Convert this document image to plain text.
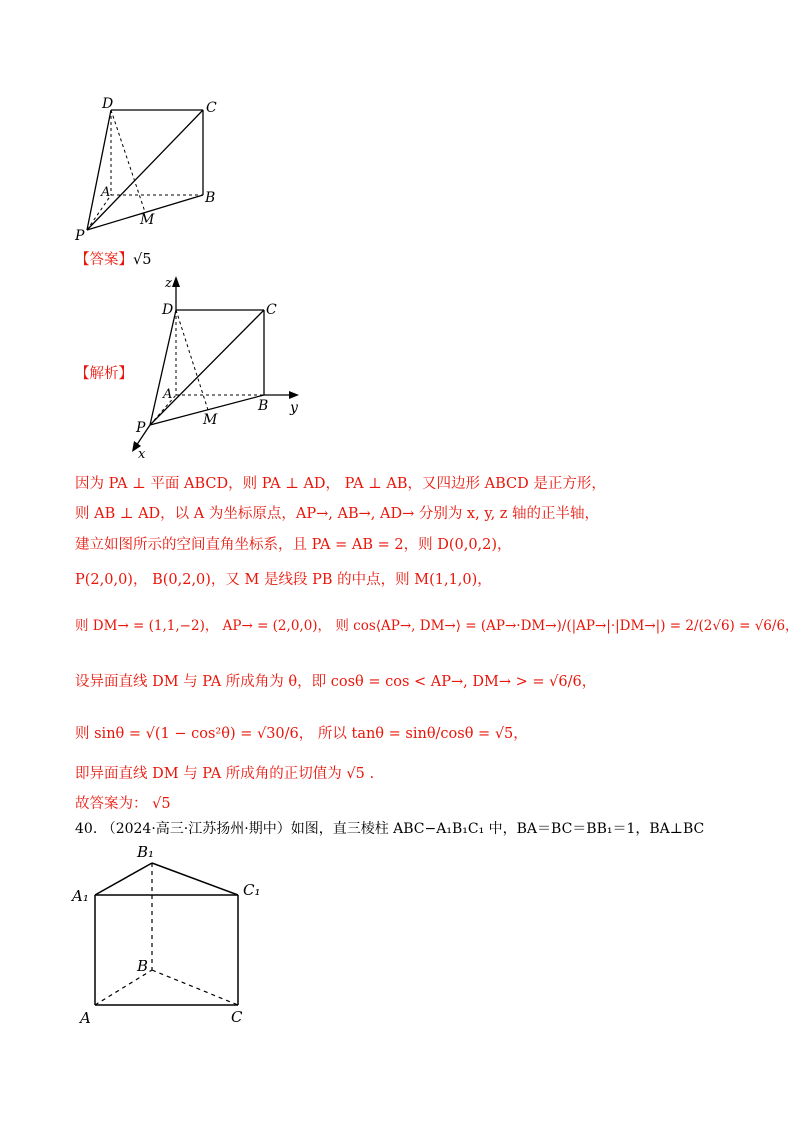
D	C
A	B
M
P
【答案】√5
z
y
x
D	C
A
B
M
P
【解析】
因为 PA ⊥ 平面 ABCD，则 PA ⊥ AD， PA ⊥ AB，又四边形 ABCD 是正方形，
则 AB ⊥ AD，以 A 为坐标原点，AP→, AB→, AD→ 分别为 x, y, z 轴的正半轴，
建立如图所示的空间直角坐标系，且 PA = AB = 2，则 D(0,0,2)，
P(2,0,0)， B(0,2,0)，又 M 是线段 PB 的中点，则 M(1,1,0)，
则 DM→ = (1,1,−2)， AP→ = (2,0,0)， 则 cos⟨AP→, DM→⟩ = (AP→·DM→)/(|AP→|·|DM→|) = 2/(2√6) = √6/6，
设异面直线 DM 与 PA 所成角为 θ，即 cosθ = cos < AP→, DM→ > = √6/6，
则 sinθ = √(1 − cos²θ) = √30/6， 所以 tanθ = sinθ/cosθ = √5，
即异面直线 DM 与 PA 所成角的正切值为 √5 .
故答案为： √5
40. （2024·高三·江苏扬州·期中）如图，直三棱柱 ABC−A₁B₁C₁ 中，BA＝BC＝BB₁＝1，BA⊥BC
B₁
A₁	C₁
B
A	C
